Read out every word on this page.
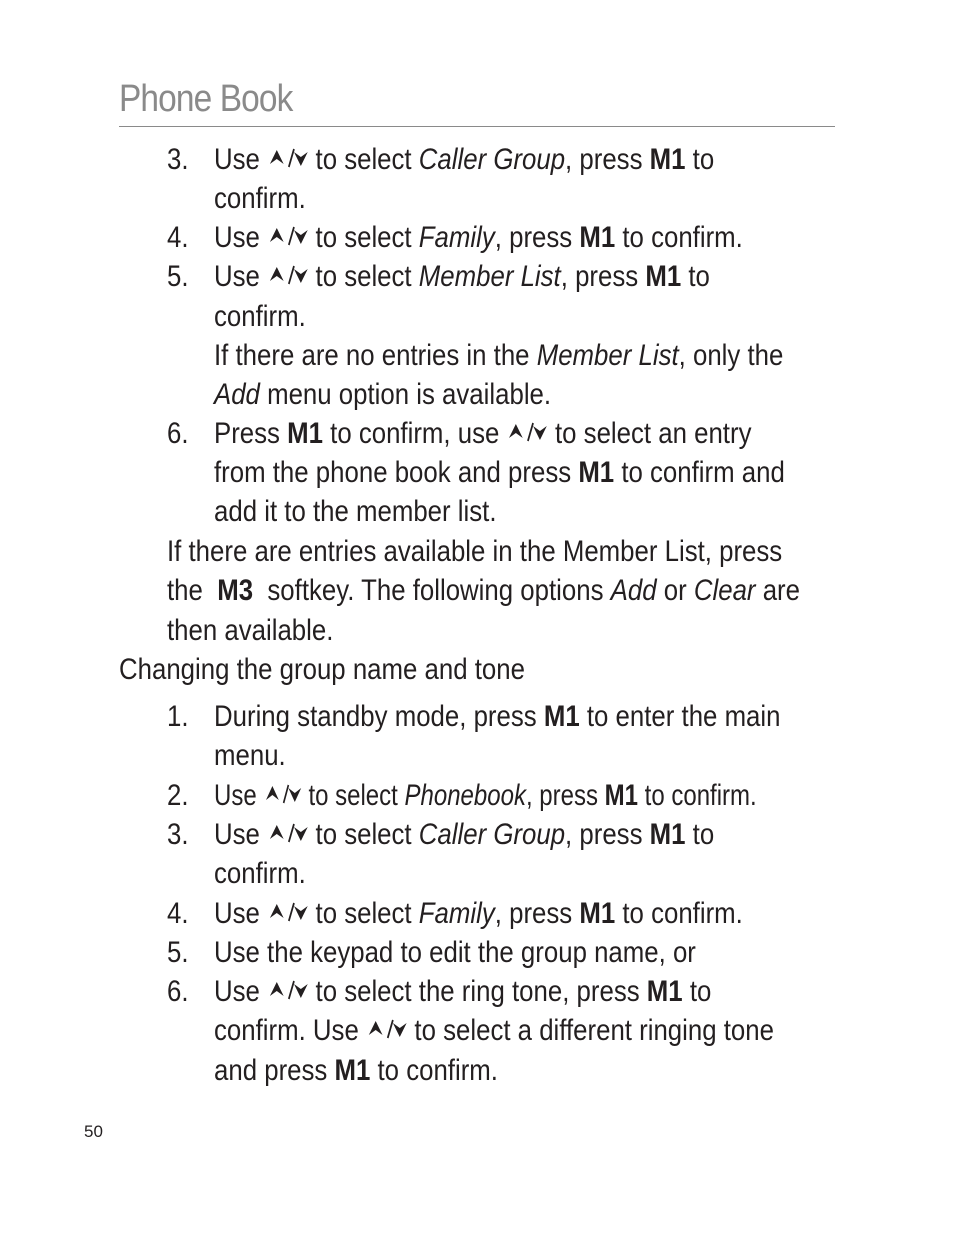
Phone Book
3. Use to select Caller Group, press M1 to
confirm.
4. Use to select Family, press M1 to confirm.
5. Use to select Member List, press M1 to
confirm.
If there are no entries in the Member List, only the
Add menu option is available.
6. Press M1 to confirm, use to select an entry
from the phone book and press M1 to confirm and
add it to the member list.
If there are entries available in the Member List, press
the M3 softkey. The following options Add or Clear are
then available.
Changing the group name and tone
1. During standby mode, press M1 to enter the main
menu.
2. Use to select Phonebook, press M1 to confirm.
3. Use to select Caller Group, press M1 to
confirm.
4. Use to select Family, press M1 to confirm.
5. Use the keypad to edit the group name, or
6. Use to select the ring tone, press M1 to
confirm. Use to select a different ringing tone
and press M1 to confirm.
50
